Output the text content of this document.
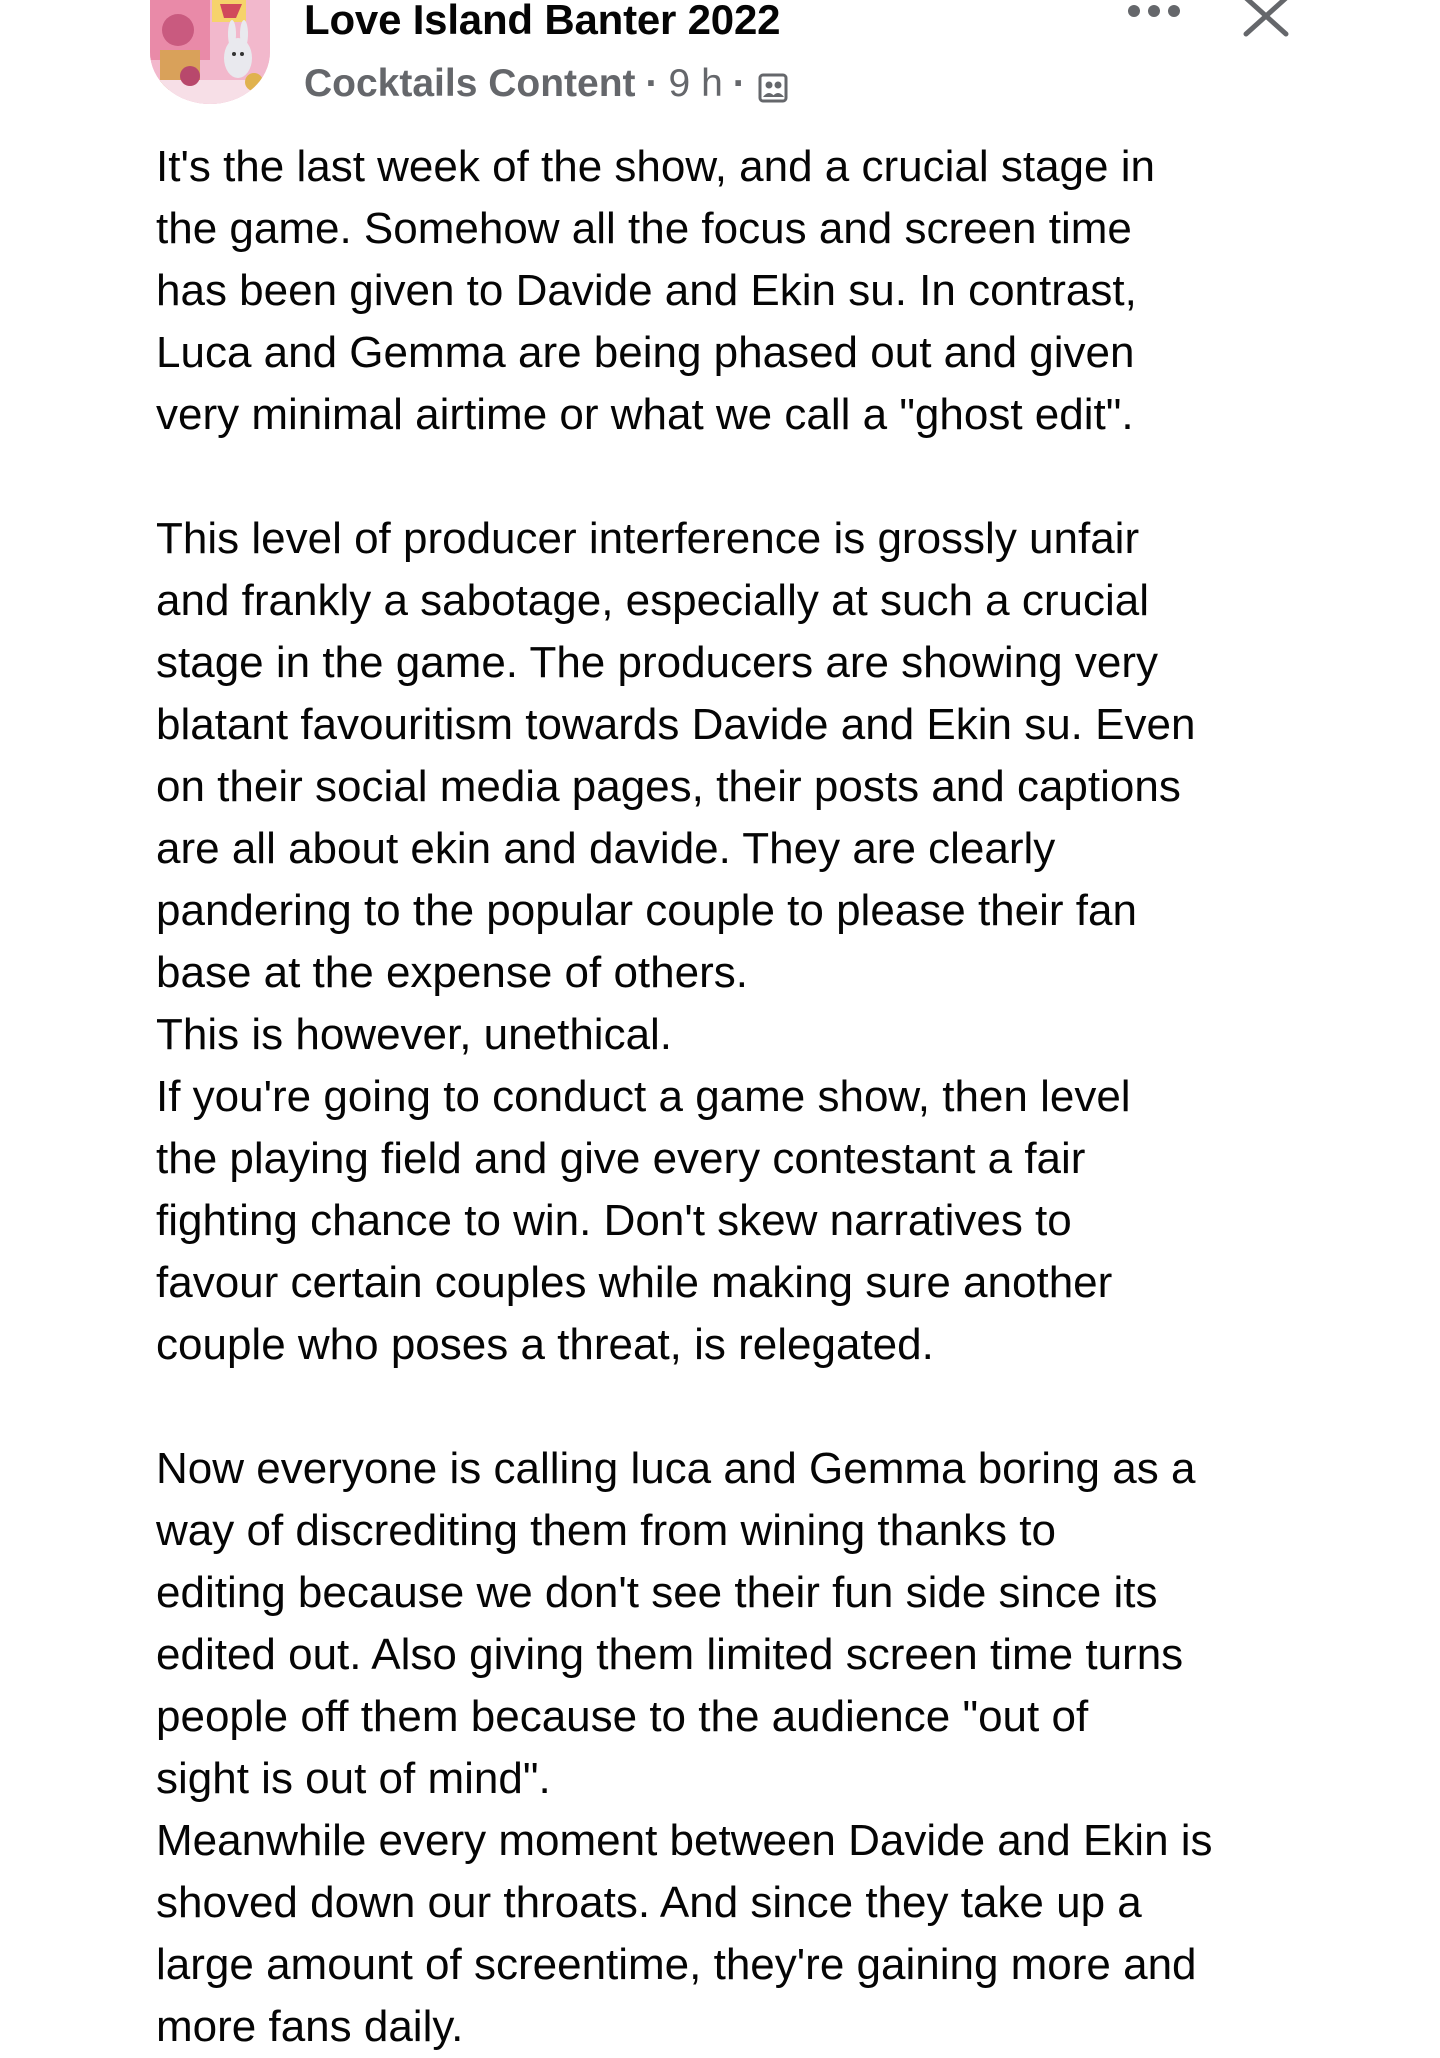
Love Island Banter 2022
Cocktails Content · 9 h ·
It's the last week of the show, and a crucial stage in
the game. Somehow all the focus and screen time
has been given to Davide and Ekin su. In contrast,
Luca and Gemma are being phased out and given
very minimal airtime or what we call a "ghost edit".
This level of producer interference is grossly unfair
and frankly a sabotage, especially at such a crucial
stage in the game. The producers are showing very
blatant favouritism towards Davide and Ekin su. Even
on their social media pages, their posts and captions
are all about ekin and davide. They are clearly
pandering to the popular couple to please their fan
base at the expense of others.
This is however, unethical.
If you're going to conduct a game show, then level
the playing field and give every contestant a fair
fighting chance to win. Don't skew narratives to
favour certain couples while making sure another
couple who poses a threat, is relegated.
Now everyone is calling luca and Gemma boring as a
way of discrediting them from wining thanks to
editing because we don't see their fun side since its
edited out. Also giving them limited screen time turns
people off them because to the audience "out of
sight is out of mind".
Meanwhile every moment between Davide and Ekin is
shoved down our throats. And since they take up a
large amount of screentime, they're gaining more and
more fans daily.
